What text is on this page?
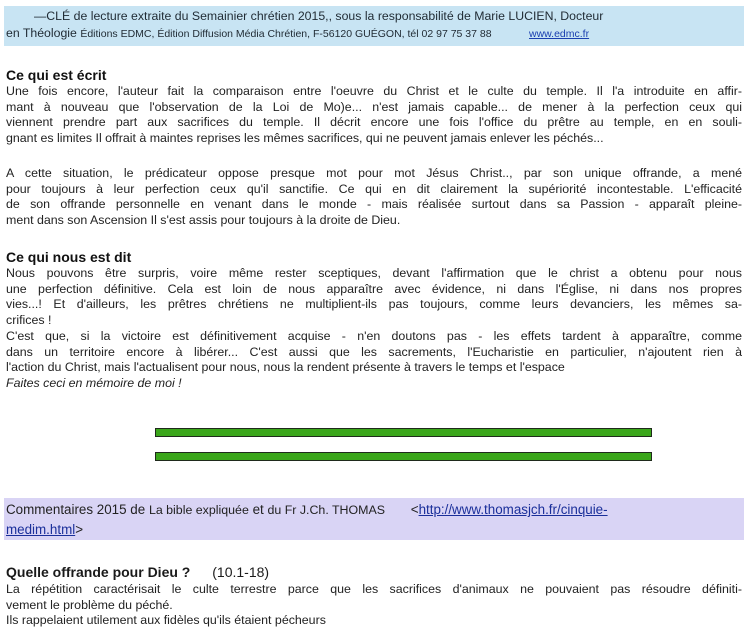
—CLÉ de lecture extraite du Semainier chrétien 2015,, sous la responsabilité de Marie LUCIEN, Docteur
en Théologie Éditions EDMC, Édition Diffusion Média Chrétien, F-56120 GUÉGON, tél 02 97 75 37 88	www.edmc.fr
Ce qui est écrit
Une fois encore, l'auteur fait la comparaison entre l'oeuvre du Christ et le culte du temple. Il l'a introduite en affir-
mant à nouveau que l'observation de la Loi de Mo)e... n'est jamais capable... de mener à la perfection ceux qui
viennent prendre part aux sacrifices du temple. Il décrit encore une fois l'office du prêtre au temple, en en souli-
gnant es limites Il offrait à maintes reprises les mêmes sacrifices, qui ne peuvent jamais enlever les péchés...
A cette situation, le prédicateur oppose presque mot pour mot Jésus Christ.., par son unique offrande, a mené
pour toujours à leur perfection ceux qu'il sanctifie. Ce qui en dit clairement la supériorité incontestable. L'efficacité
de son offrande personnelle en venant dans le monde - mais réalisée surtout dans sa Passion - apparaît pleine-
ment dans son Ascension Il s'est assis pour toujours à la droite de Dieu.
Ce qui nous est dit
Nous pouvons être surpris, voire même rester sceptiques, devant l'affirmation que le christ a obtenu pour nous
une perfection définitive. Cela est loin de nous apparaître avec évidence, ni dans l'Église, ni dans nos propres
vies...! Et d'ailleurs, les prêtres chrétiens ne multiplient-ils pas toujours, comme leurs devanciers, les mêmes sa-
crifices !
C'est que, si la victoire est définitivement acquise - n'en doutons pas - les effets tardent à apparaître, comme
dans un territoire encore à libérer... C'est aussi que les sacrements, l'Eucharistie en particulier, n'ajoutent rien à
l'action du Christ, mais l'actualisent pour nous, nous la rendent présente à travers le temps et l'espace
Faites ceci en mémoire de moi !
Commentaires 2015 de La bible expliquée et du Fr J.Ch. THOMAS <http://www.thomasjch.fr/cinquie-
medim.html>
Quelle offrande pour Dieu ? (10.1-18)
La répétition caractérisait le culte terrestre parce que les sacrifices d'animaux ne pouvaient pas résoudre définiti-
vement le problème du péché.
Ils rappelaient utilement aux fidèles qu'ils étaient pécheurs
